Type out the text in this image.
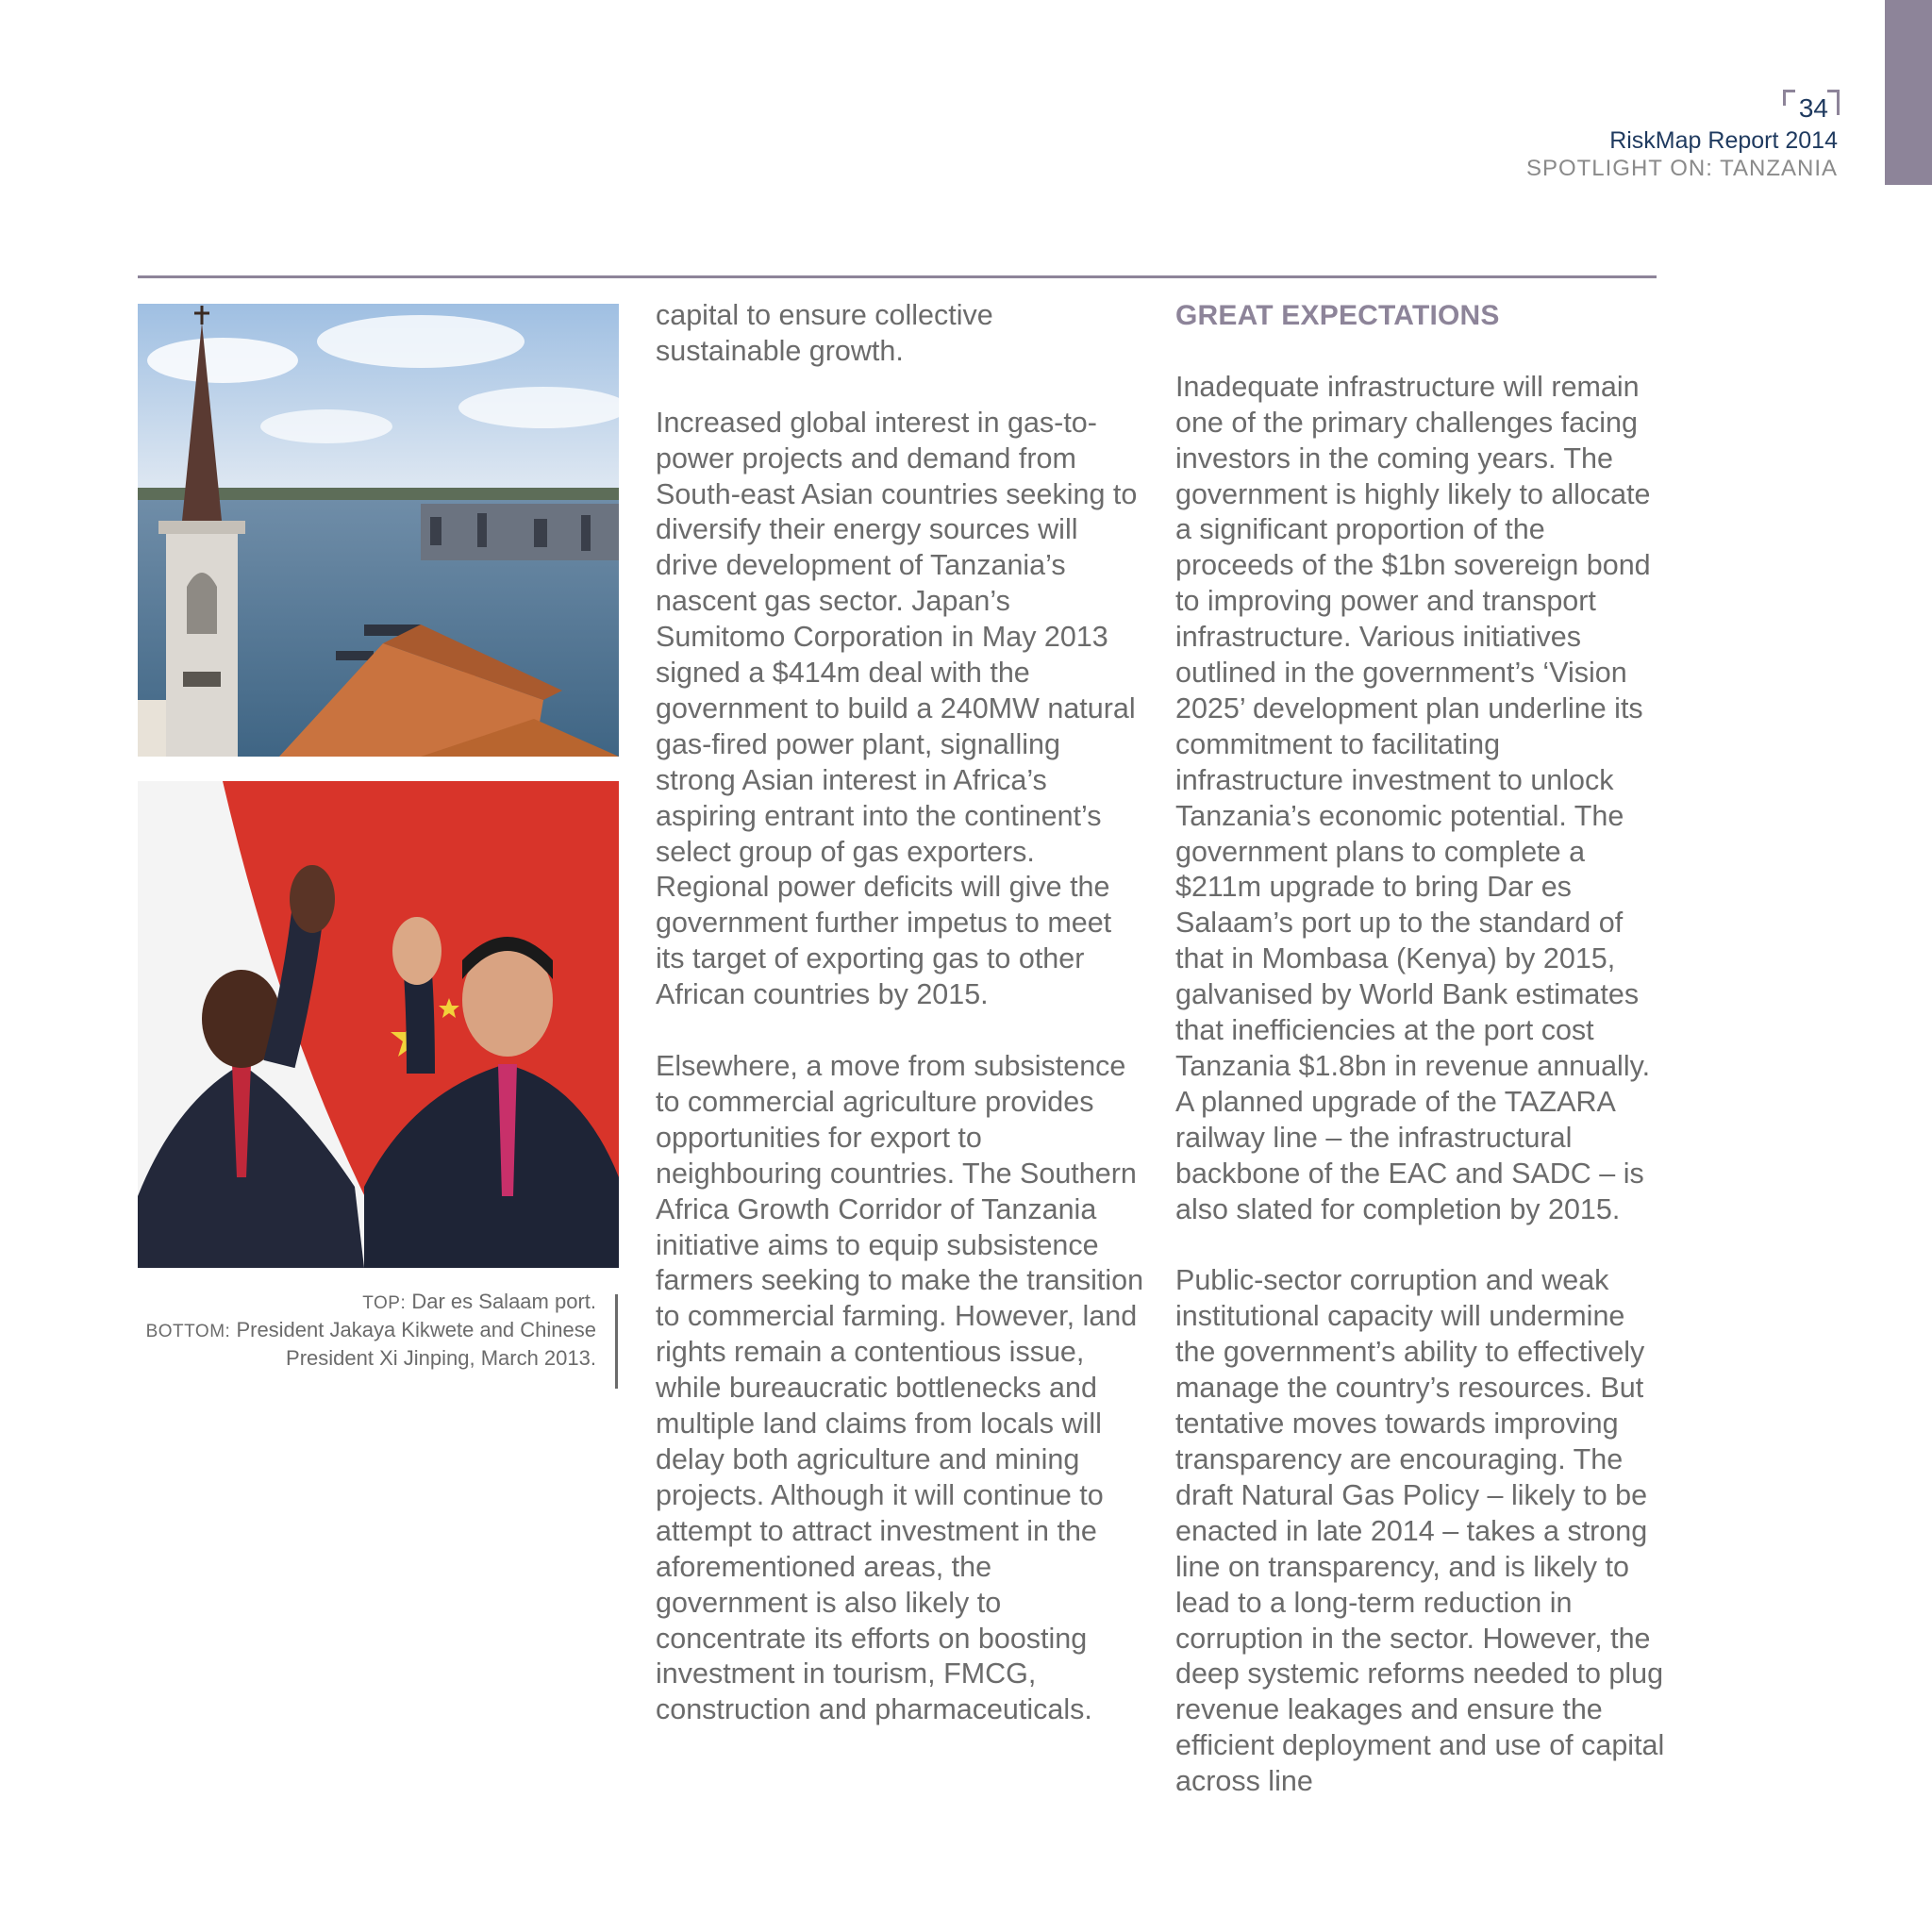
34
RiskMap Report 2014
SPOTLIGHT ON: TANZANIA
TOP: Dar es Salaam port.
BOTTOM: President Jakaya Kikwete and Chinese President Xi Jinping, March 2013.

capital to ensure collective sustainable growth.

Increased global interest in gas-to-power projects and demand from South-east Asian countries seeking to diversify their energy sources will drive development of Tanzania’s nascent gas sector. Japan’s Sumitomo Corporation in May 2013 signed a $414m deal with the government to build a 240MW natural gas-fired power plant, signalling strong Asian interest in Africa’s aspiring entrant into the continent’s select group of gas exporters. Regional power deficits will give the government further impetus to meet its target of exporting gas to other African countries by 2015.

Elsewhere, a move from subsistence to commercial agriculture provides opportunities for export to neighbouring countries. The Southern Africa Growth Corridor of Tanzania initiative aims to equip subsistence farmers seeking to make the transition to commercial farming. However, land rights remain a contentious issue, while bureaucratic bottlenecks and multiple land claims from locals will delay both agriculture and mining projects. Although it will continue to attempt to attract investment in the aforementioned areas, the government is also likely to concentrate its efforts on boosting investment in tourism, FMCG, construction and pharmaceuticals.

GREAT EXPECTATIONS

Inadequate infrastructure will remain one of the primary challenges facing investors in the coming years. The government is highly likely to allocate a significant proportion of the proceeds of the $1bn sovereign bond to improving power and transport infrastructure. Various initiatives outlined in the government’s ‘Vision 2025’ development plan underline its commitment to facilitating infrastructure investment to unlock Tanzania’s economic potential. The government plans to complete a $211m upgrade to bring Dar es Salaam’s port up to the standard of that in Mombasa (Kenya) by 2015, galvanised by World Bank estimates that inefficiencies at the port cost Tanzania $1.8bn in revenue annually. A planned upgrade of the TAZARA railway line – the infrastructural backbone of the EAC and SADC – is also slated for completion by 2015.

Public-sector corruption and weak institutional capacity will undermine the government’s ability to effectively manage the country’s resources. But tentative moves towards improving transparency are encouraging. The draft Natural Gas Policy – likely to be enacted in late 2014 – takes a strong line on transparency, and is likely to lead to a long-term reduction in corruption in the sector. However, the deep systemic reforms needed to plug revenue leakages and ensure the efficient deployment and use of capital across line
